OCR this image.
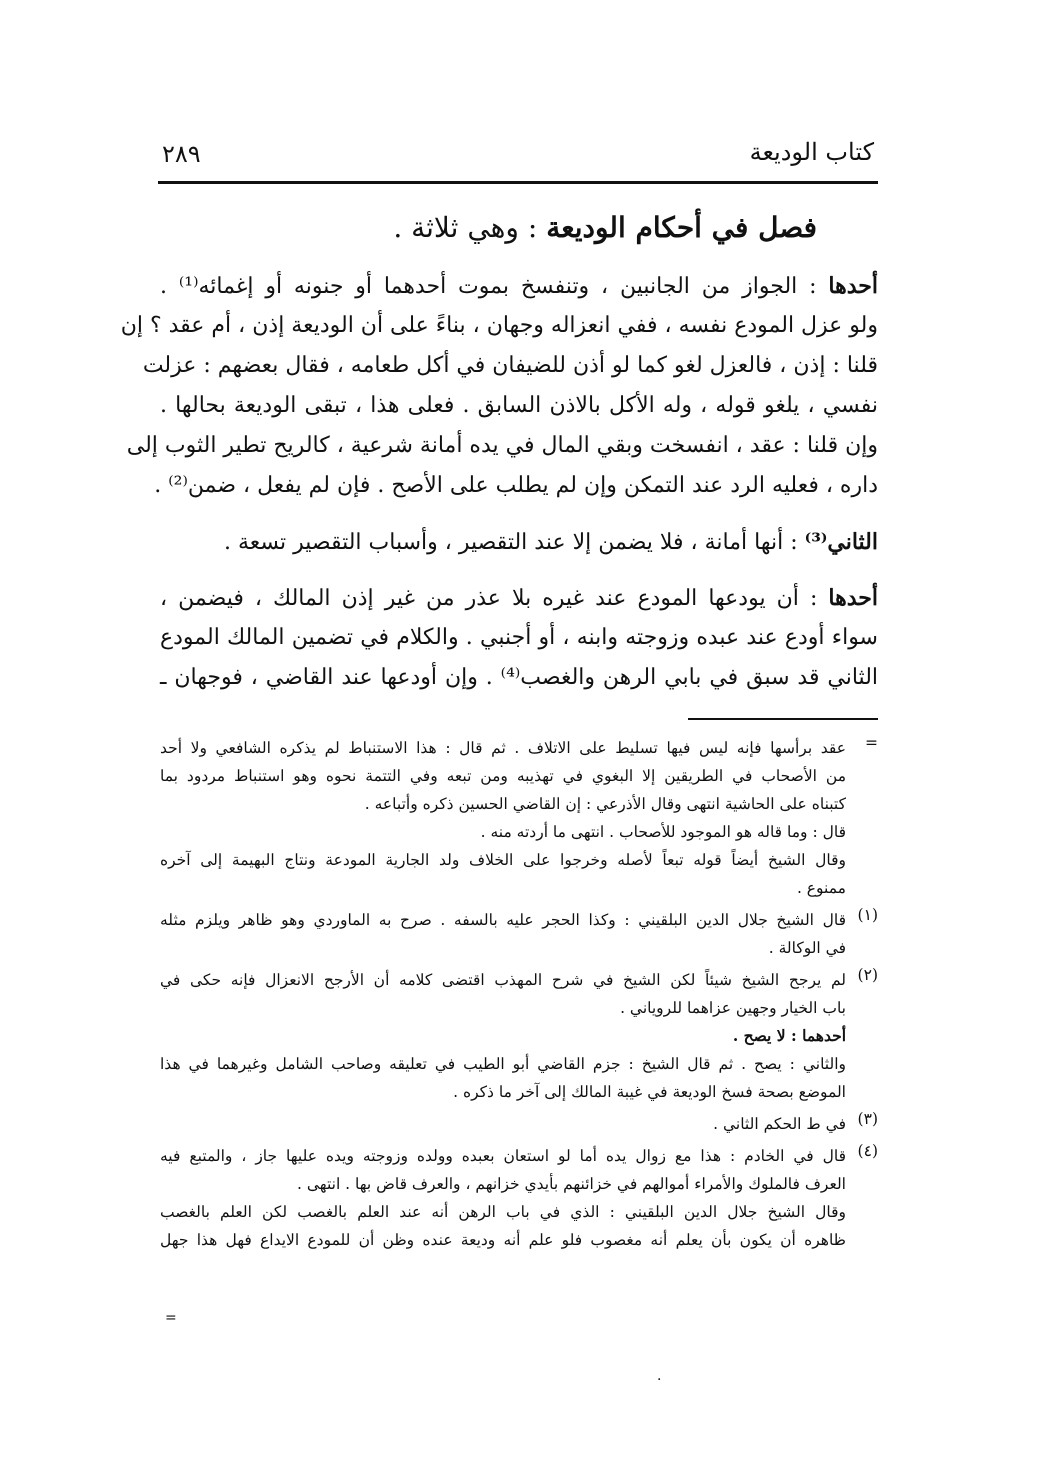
كتاب الوديعة
٢٨٩
فصل في أحكام الوديعة : وهي ثلاثة .
أحدها : الجواز من الجانبين ، وتنفسخ بموت أحدهما أو جنونه أو إغمائه⁽¹⁾ .
ولو عزل المودع نفسه ، ففي انعزاله وجهان ، بناءً على أن الوديعة إذن ، أم عقد ؟ إن
قلنا : إذن ، فالعزل لغو كما لو أذن للضيفان في أكل طعامه ، فقال بعضهم : عزلت
نفسي ، يلغو قوله ، وله الأكل بالاذن السابق . فعلى هذا ، تبقى الوديعة بحالها .
وإن قلنا : عقد ، انفسخت وبقي المال في يده أمانة شرعية ، كالريح تطير الثوب إلى
داره ، فعليه الرد عند التمكن وإن لم يطلب على الأصح . فإن لم يفعل ، ضمن⁽²⁾ .
الثاني⁽³⁾ : أنها أمانة ، فلا يضمن إلا عند التقصير ، وأسباب التقصير تسعة .
أحدها : أن يودعها المودع عند غيره بلا عذر من غير إذن المالك ، فيضمن ،
سواء أودع عند عبده وزوجته وابنه ، أو أجنبي . والكلام في تضمين المالك المودع
الثاني قد سبق في بابي الرهن والغصب⁽⁴⁾ . وإن أودعها عند القاضي ، فوجهان ـ
=
عقد برأسها فإنه ليس فيها تسليط على الاتلاف . ثم قال : هذا الاستنباط لم يذكره الشافعي ولا أحد
من الأصحاب في الطريقين إلا البغوي في تهذيبه ومن تبعه وفي التتمة نحوه وهو استنباط مردود بما
كتبناه على الحاشية انتهى وقال الأذرعي : إن القاضي الحسين ذكره وأتباعه .
قال : وما قاله هو الموجود للأصحاب . انتهى ما أردته منه .
وقال الشيخ أيضاً قوله تبعاً لأصله وخرجوا على الخلاف ولد الجارية المودعة ونتاج البهيمة إلى آخره
ممنوع .
(١)
قال الشيخ جلال الدين البلقيني : وكذا الحجر عليه بالسفه . صرح به الماوردي وهو ظاهر ويلزم مثله
في الوكالة .
(٢)
لم يرجح الشيخ شيئاً لكن الشيخ في شرح المهذب اقتضى كلامه أن الأرجح الانعزال فإنه حكى في
باب الخيار وجهين عزاهما للروياني .
أحدهما : لا يصح .
والثاني : يصح . ثم قال الشيخ : جزم القاضي أبو الطيب في تعليقه وصاحب الشامل وغيرهما في هذا
الموضع بصحة فسخ الوديعة في غيبة المالك إلى آخر ما ذكره .
(٣)
في ط الحكم الثاني .
(٤)
قال في الخادم : هذا مع زوال يده أما لو استعان بعبده وولده وزوجته ويده عليها جاز ، والمتبع فيه
العرف فالملوك والأمراء أموالهم في خزائنهم بأيدي خزانهم ، والعرف قاض بها . انتهى .
وقال الشيخ جلال الدين البلقيني : الذي في باب الرهن أنه عند العلم بالغصب لكن العلم بالغصب
ظاهره أن يكون بأن يعلم أنه مغصوب فلو علم أنه وديعة عنده وظن أن للمودع الايداع فهل هذا جهل
=
·
